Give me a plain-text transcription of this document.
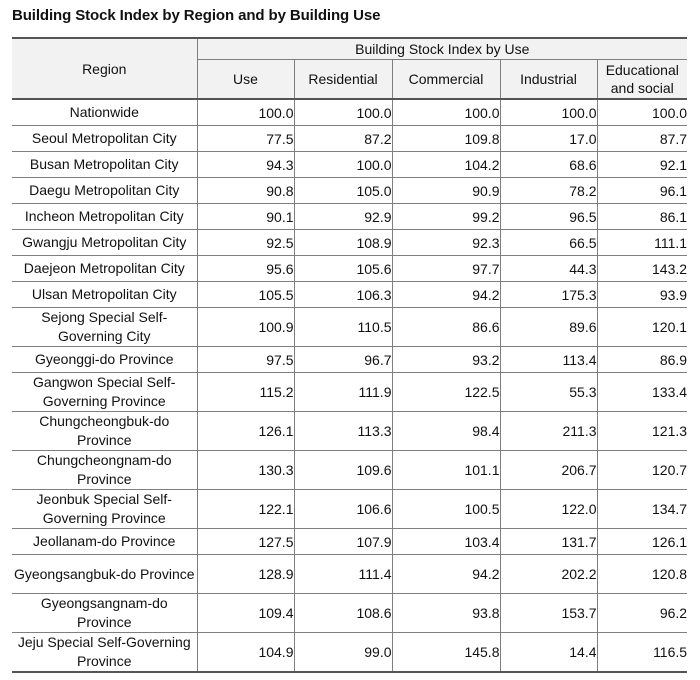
Building Stock Index by Region and by Building Use
Region	Building Stock Index by Use				
	Use	Residential	Commercial	Industrial	Educational and social
Nationwide	100.0	100.0	100.0	100.0	100.0
Seoul Metropolitan City	77.5	87.2	109.8	17.0	87.7
Busan Metropolitan City	94.3	100.0	104.2	68.6	92.1
Daegu Metropolitan City	90.8	105.0	90.9	78.2	96.1
Incheon Metropolitan City	90.1	92.9	99.2	96.5	86.1
Gwangju Metropolitan City	92.5	108.9	92.3	66.5	111.1
Daejeon Metropolitan City	95.6	105.6	97.7	44.3	143.2
Ulsan Metropolitan City	105.5	106.3	94.2	175.3	93.9
Sejong Special Self-Governing City	100.9	110.5	86.6	89.6	120.1
Gyeonggi-do Province	97.5	96.7	93.2	113.4	86.9
Gangwon Special Self-Governing Province	115.2	111.9	122.5	55.3	133.4
Chungcheongbuk-do Province	126.1	113.3	98.4	211.3	121.3
Chungcheongnam-do Province	130.3	109.6	101.1	206.7	120.7
Jeonbuk Special Self-Governing Province	122.1	106.6	100.5	122.0	134.7
Jeollanam-do Province	127.5	107.9	103.4	131.7	126.1
Gyeongsangbuk-do Province	128.9	111.4	94.2	202.2	120.8
Gyeongsangnam-do Province	109.4	108.6	93.8	153.7	96.2
Jeju Special Self-Governing Province	104.9	99.0	145.8	14.4	116.5
